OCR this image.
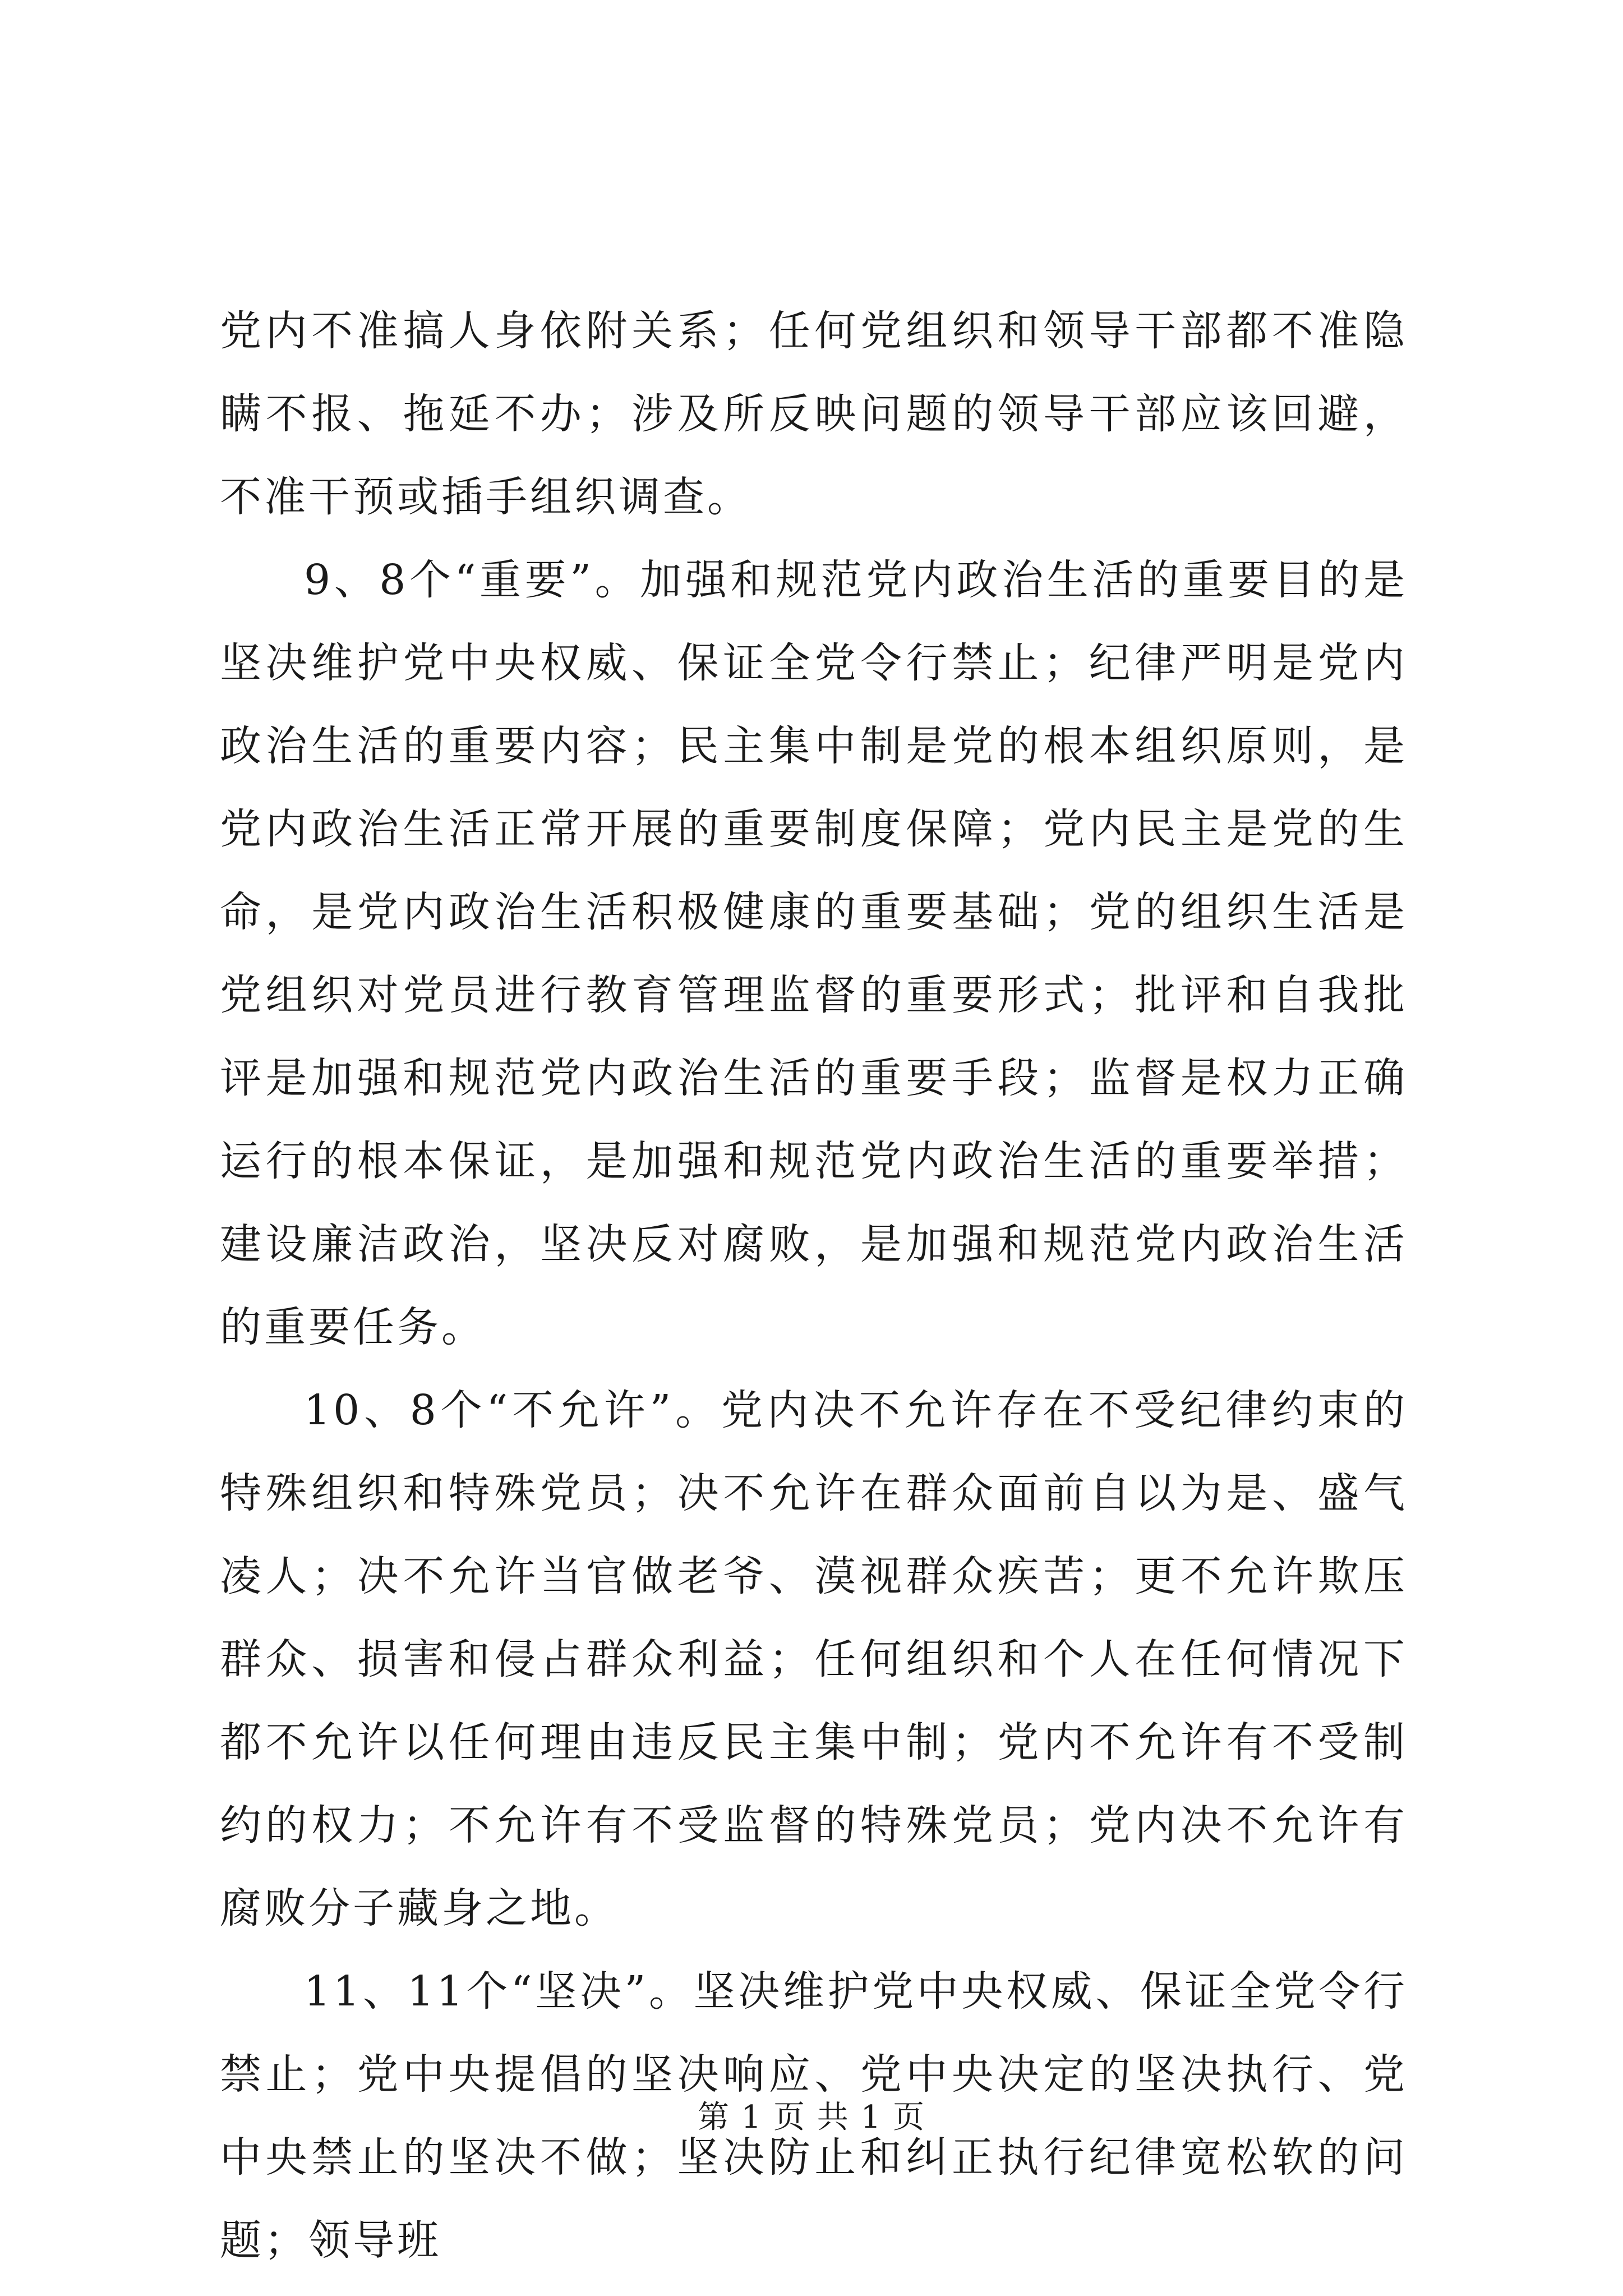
党内不准搞人身依附关系；任何党组织和领导干部都不准隐瞒不报、拖延不办；涉及所反映问题的领导干部应该回避，不准干预或插手组织调查。

9、8个“重要”。加强和规范党内政治生活的重要目的是坚决维护党中央权威、保证全党令行禁止；纪律严明是党内政治生活的重要内容；民主集中制是党的根本组织原则，是党内政治生活正常开展的重要制度保障；党内民主是党的生命，是党内政治生活积极健康的重要基础；党的组织生活是党组织对党员进行教育管理监督的重要形式；批评和自我批评是加强和规范党内政治生活的重要手段；监督是权力正确运行的根本保证，是加强和规范党内政治生活的重要举措；建设廉洁政治，坚决反对腐败，是加强和规范党内政治生活的重要任务。

10、8个“不允许”。党内决不允许存在不受纪律约束的特殊组织和特殊党员；决不允许在群众面前自以为是、盛气凌人；决不允许当官做老爷、漠视群众疾苦；更不允许欺压群众、损害和侵占群众利益；任何组织和个人在任何情况下都不允许以任何理由违反民主集中制；党内不允许有不受制约的权力；不允许有不受监督的特殊党员；党内决不允许有腐败分子藏身之地。

11、11个“坚决”。坚决维护党中央权威、保证全党令行禁止；党中央提倡的坚决响应、党中央决定的坚决执行、党中央禁止的坚决不做；坚决防止和纠正执行纪律宽松软的问题；领导班

第 1 页 共 1 页
